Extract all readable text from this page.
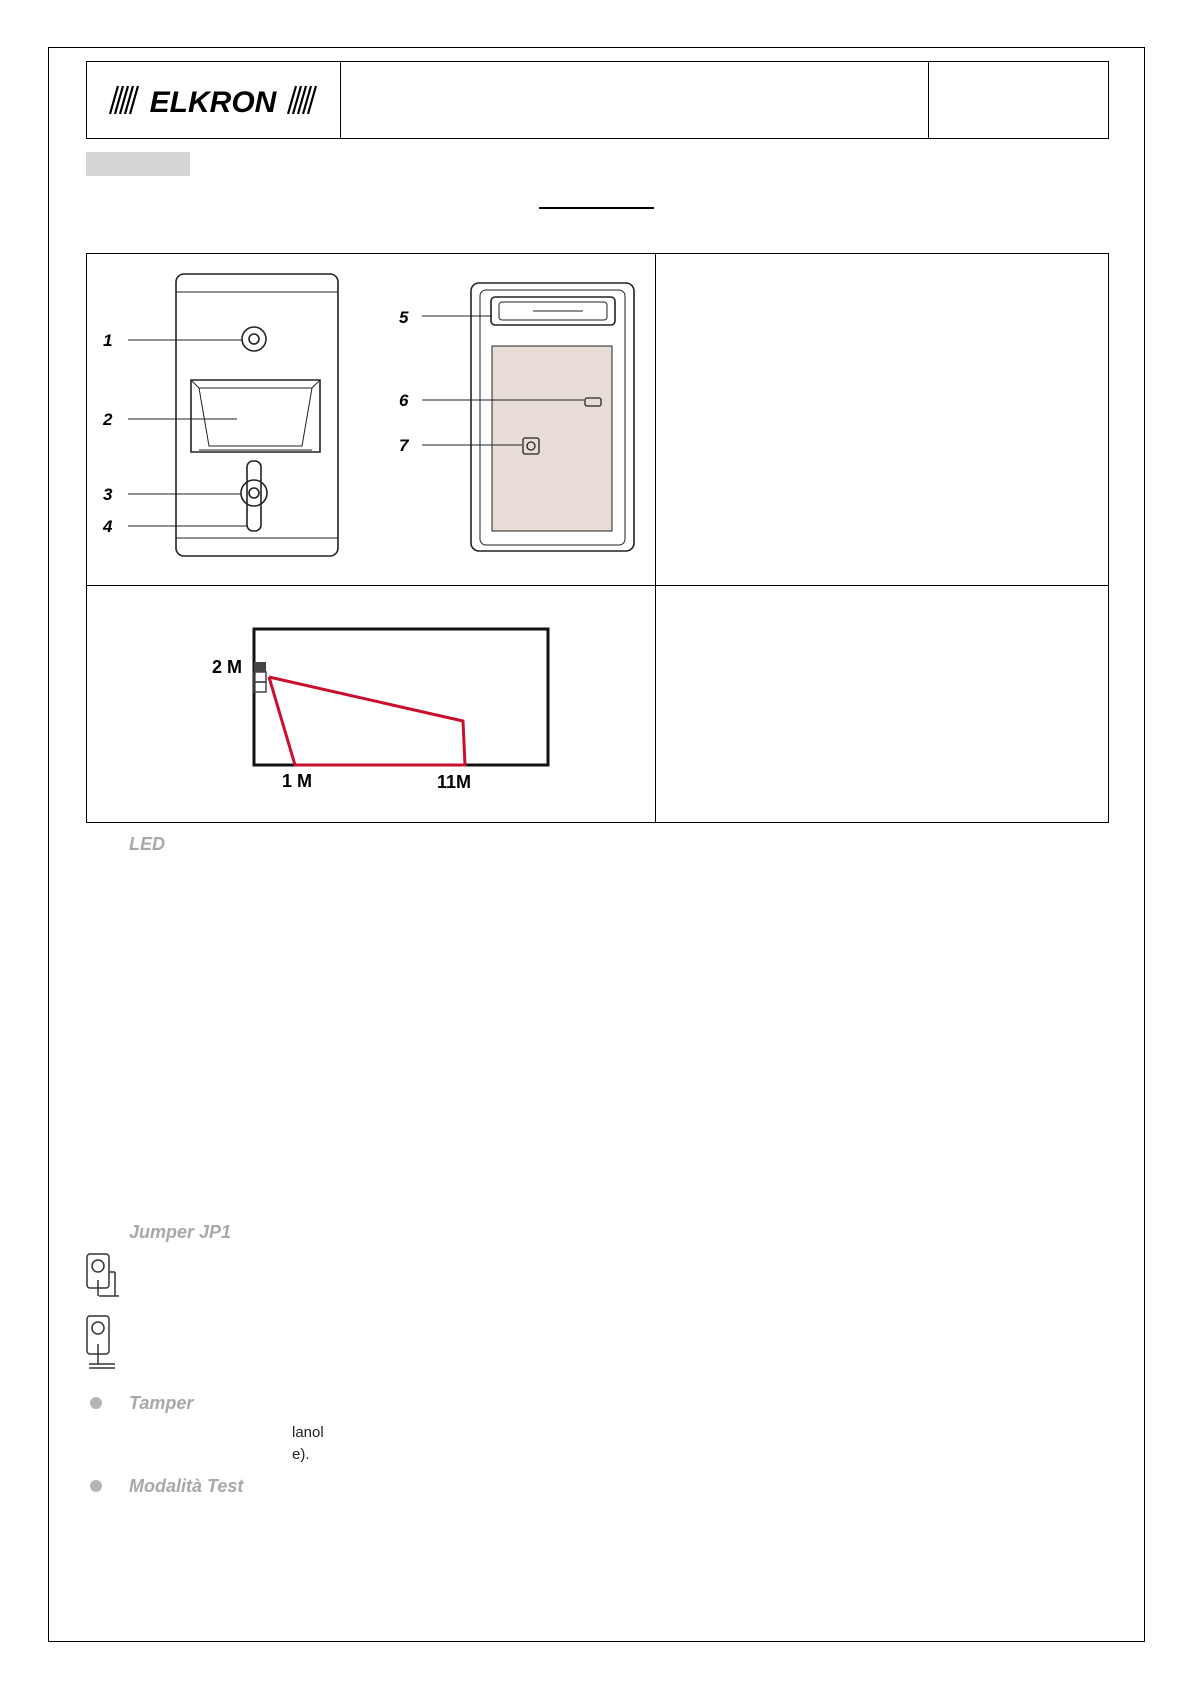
ELKRON
1
2
3
4
5
6
7
2 M
1 M	11M
LED
Jumper JP1
Tamper
lanol
e).
Modalità Test
